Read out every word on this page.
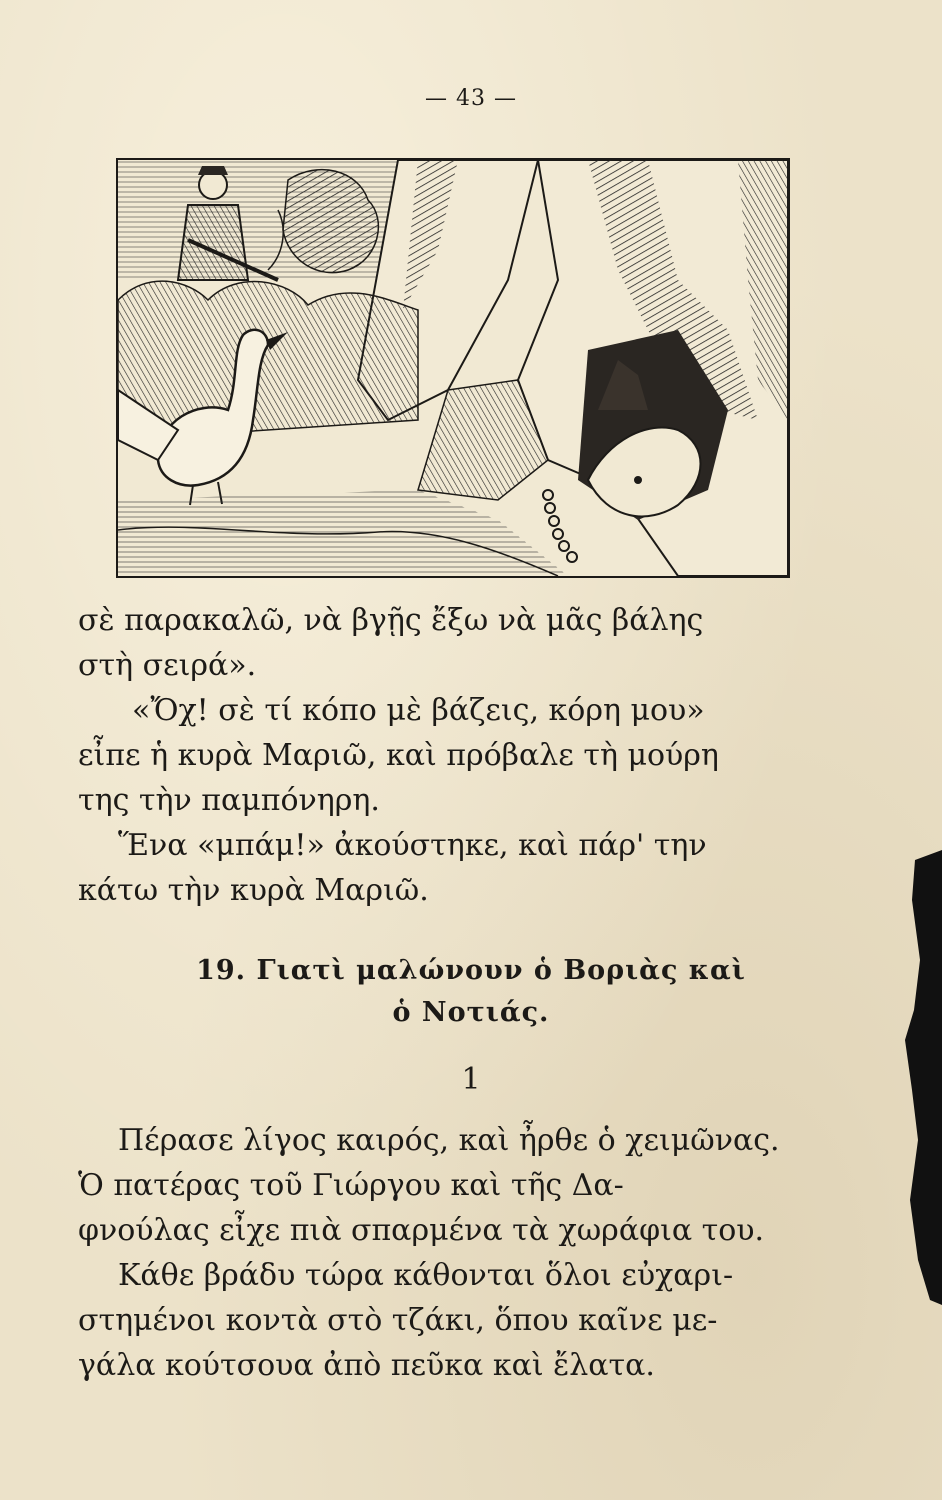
— 43 —
σὲ παρακαλῶ, νὰ βγῇς ἔξω νὰ μᾶς βάλης
στὴ σειρά».
«Ὄχ! σὲ τί κόπο μὲ βάζεις, κόρη μου»
εἶπε ἡ κυρὰ Μαριῶ, καὶ πρόβαλε τὴ μούρη
της τὴν παμπόνηρη.
Ἕνα «μπάμ!» ἀκούστηκε, καὶ πάρ' την
κάτω τὴν κυρὰ Μαριῶ.
19. Γιατὶ μαλώνουν ὁ Βοριὰς καὶ
ὁ Νοτιάς.
1
Πέρασε λίγος καιρός, καὶ ἦρθε ὁ χειμῶνας.
Ὁ πατέρας τοῦ Γιώργου καὶ τῆς Δα-
φνούλας εἶχε πιὰ σπαρμένα τὰ χωράφια του.
Κάθε βράδυ τώρα κάθονται ὅλοι εὐχαρι-
στημένοι κοντὰ στὸ τζάκι, ὅπου καῖνε με-
γάλα κούτσουα ἀπὸ πεῦκα καὶ ἔλατα.
